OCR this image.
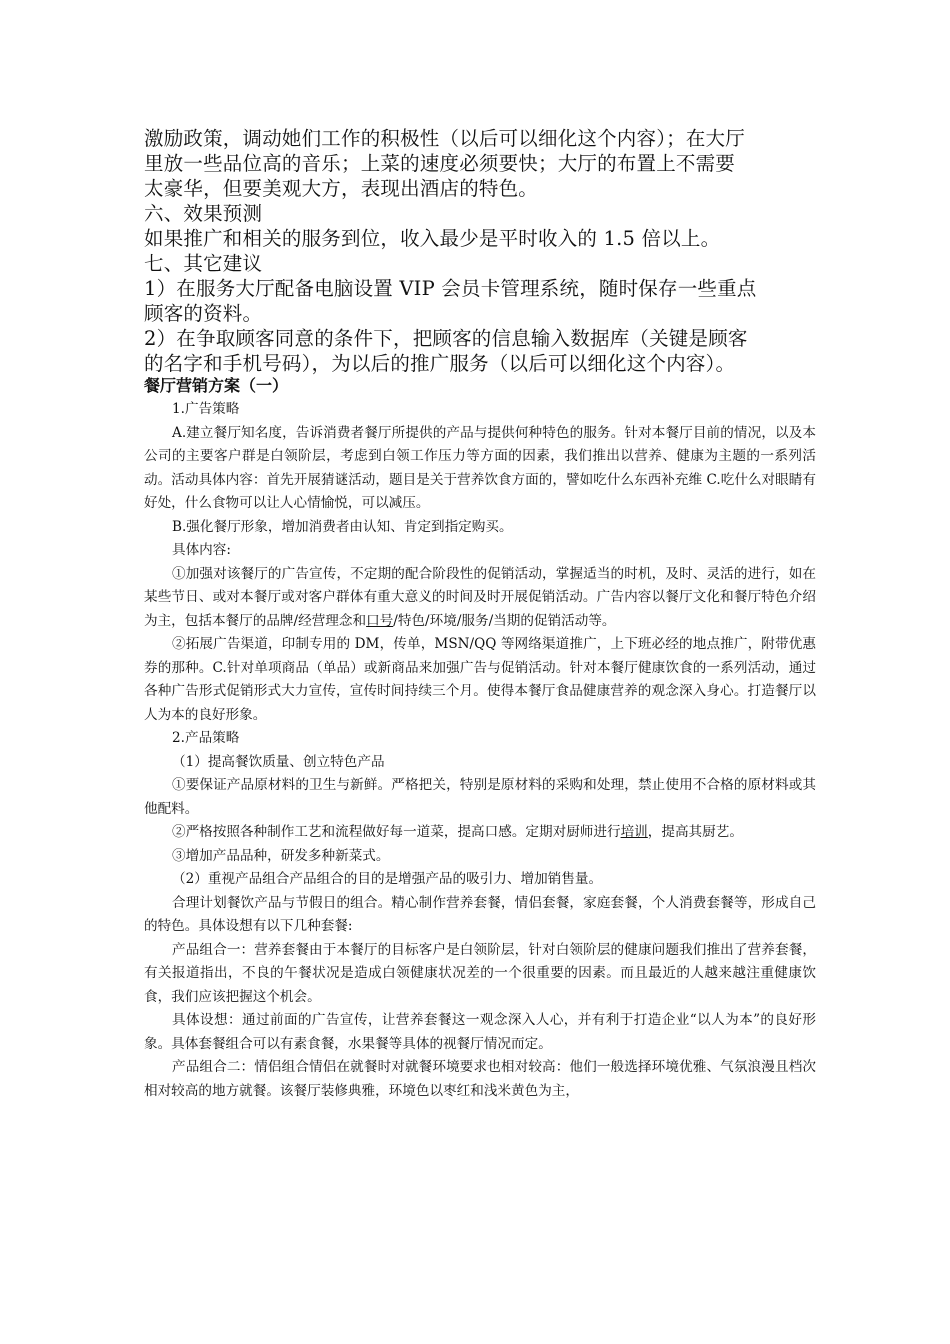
激励政策，调动她们工作的积极性（以后可以细化这个内容）；在大厅

里放一些品位高的音乐；上菜的速度必须要快；大厅的布置上不需要

太豪华，但要美观大方，表现出酒店的特色。

六、效果预测

如果推广和相关的服务到位，收入最少是平时收入的 1.5 倍以上。

七、其它建议

1）在服务大厅配备电脑设置 VIP 会员卡管理系统，随时保存一些重点

顾客的资料。

2）在争取顾客同意的条件下，把顾客的信息输入数据库（关键是顾客

的名字和手机号码），为以后的推广服务（以后可以细化这个内容）。

餐厅营销方案（一）

1.广告策略

A.建立餐厅知名度，告诉消费者餐厅所提供的产品与提供何种特色的服务。针对本餐厅目前的情况，以及本公司的主要客户群是白领阶层，考虑到白领工作压力等方面的因素，我们推出以营养、健康为主题的一系列活动。活动具体内容：首先开展猜谜活动，题目是关于营养饮食方面的，譬如吃什么东西补充维 C.吃什么对眼睛有好处，什么食物可以让人心情愉悦，可以减压。

B.强化餐厅形象，增加消费者由认知、肯定到指定购买。

具体内容:

①加强对该餐厅的广告宣传，不定期的配合阶段性的促销活动，掌握适当的时机，及时、灵活的进行，如在某些节日、或对本餐厅或对客户群体有重大意义的时间及时开展促销活动。广告内容以餐厅文化和餐厅特色介绍为主，包括本餐厅的品牌/经营理念和口号/特色/环境/服务/当期的促销活动等。

②拓展广告渠道，印制专用的 DM，传单，MSN/QQ 等网络渠道推广，上下班必经的地点推广，附带优惠券的那种。C.针对单项商品（单品）或新商品来加强广告与促销活动。针对本餐厅健康饮食的一系列活动，通过各种广告形式促销形式大力宣传，宣传时间持续三个月。使得本餐厅食品健康营养的观念深入身心。打造餐厅以人为本的良好形象。

2.产品策略

（1）提高餐饮质量、创立特色产品

①要保证产品原材料的卫生与新鲜。严格把关，特别是原材料的采购和处理，禁止使用不合格的原材料或其他配料。

②严格按照各种制作工艺和流程做好每一道菜，提高口感。定期对厨师进行培训，提高其厨艺。

③增加产品品种，研发多种新菜式。

（2）重视产品组合产品组合的目的是增强产品的吸引力、增加销售量。

合理计划餐饮产品与节假日的组合。精心制作营养套餐，情侣套餐，家庭套餐，个人消费套餐等，形成自己的特色。具体设想有以下几种套餐:

产品组合一：营养套餐由于本餐厅的目标客户是白领阶层，针对白领阶层的健康问题我们推出了营养套餐，有关报道指出，不良的午餐状况是造成白领健康状况差的一个很重要的因素。而且最近的人越来越注重健康饮食，我们应该把握这个机会。

具体设想：通过前面的广告宣传，让营养套餐这一观念深入人心，并有利于打造企业“以人为本”的良好形象。具体套餐组合可以有素食餐，水果餐等具体的视餐厅情况而定。

产品组合二：情侣组合情侣在就餐时对就餐环境要求也相对较高：他们一般选择环境优雅、气氛浪漫且档次相对较高的地方就餐。该餐厅装修典雅，环境色以枣红和浅米黄色为主，
